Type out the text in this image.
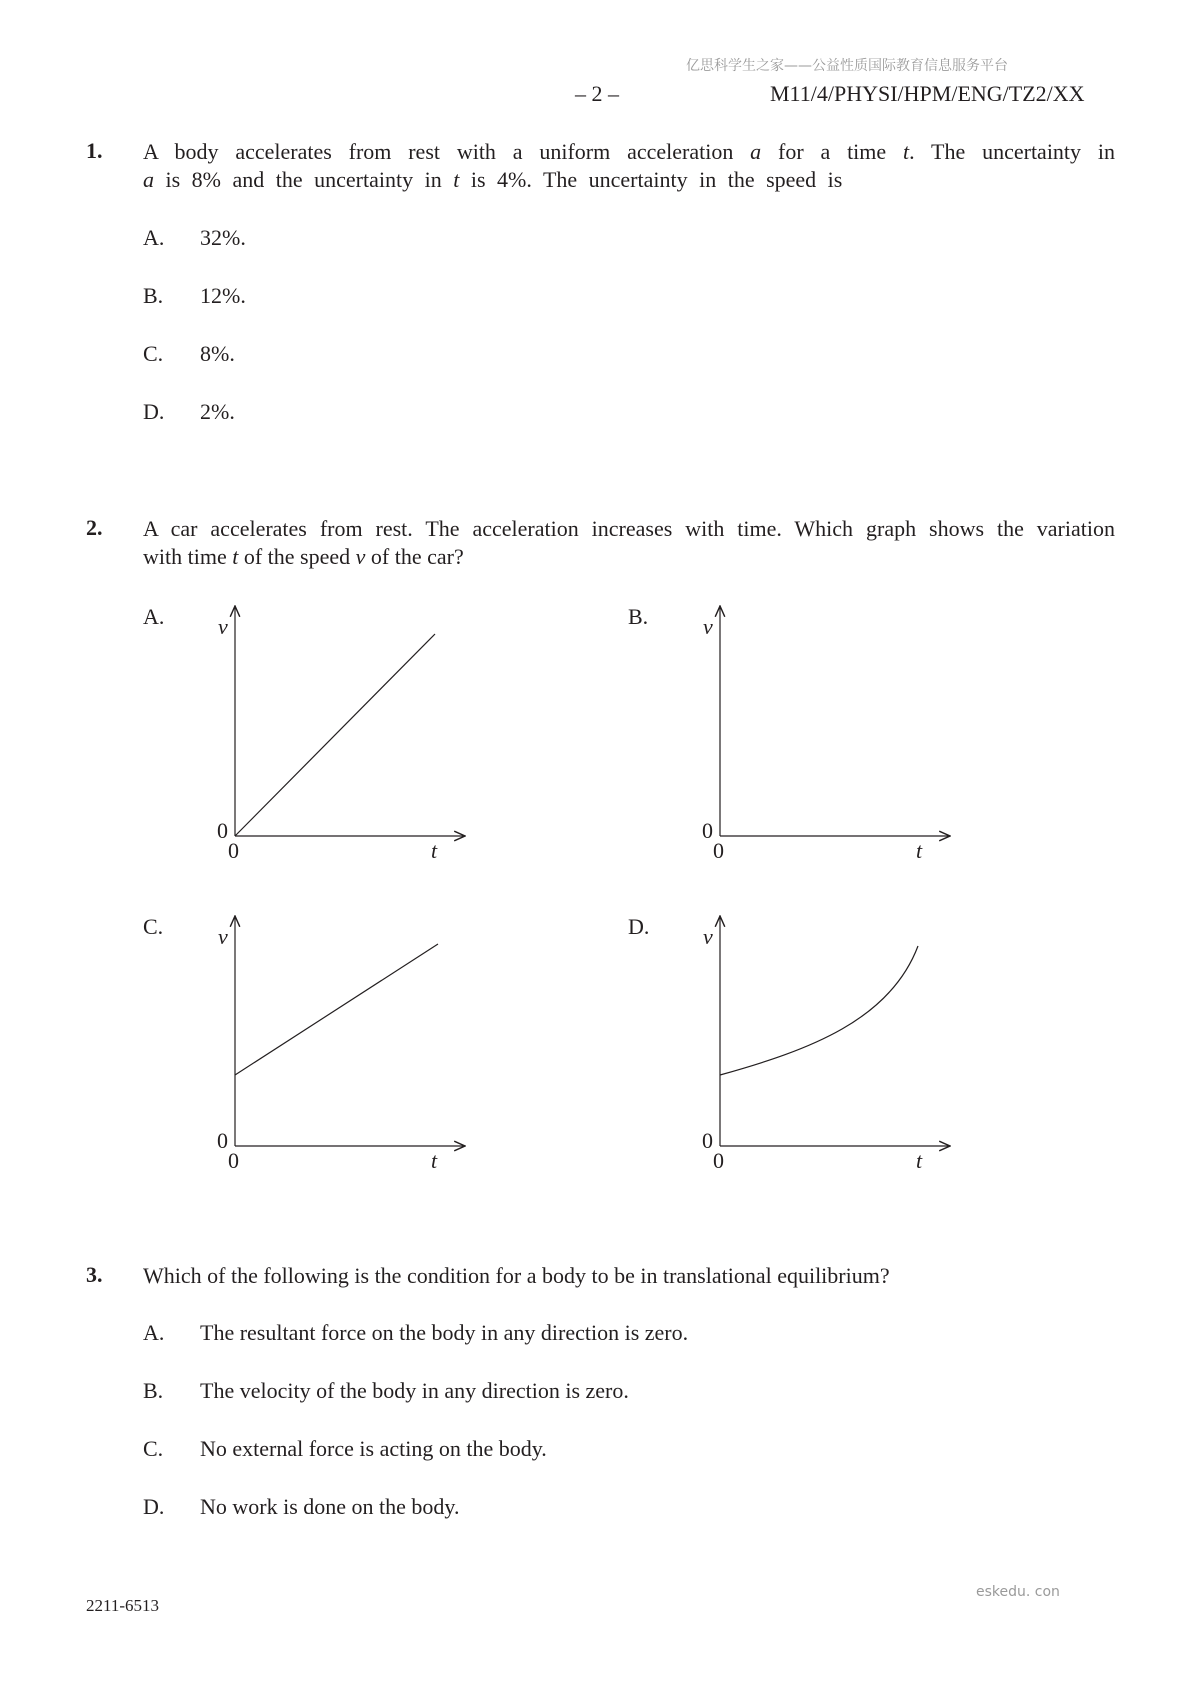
亿思科学生之家——公益性质国际教育信息服务平台
– 2 –	M11/4/PHYSI/HPM/ENG/TZ2/XX
1. A body accelerates from rest with a uniform acceleration a for a time t. The uncertainty in
a is 8% and the uncertainty in t is 4%. The uncertainty in the speed is
A. 32%.
B. 12%.
C. 8%.
D. 2%.
2. A car accelerates from rest. The acceleration increases with time. Which graph shows the variation
with time t of the speed v of the car?
A. v
0
0	t
B. v
0
0	t
C. v
0
0	t
D. v
0
0	t
3. Which of the following is the condition for a body to be in translational equilibrium?
A. The resultant force on the body in any direction is zero.
B. The velocity of the body in any direction is zero.
C. No external force is acting on the body.
D. No work is done on the body.
eskedu. con
2211-6513
